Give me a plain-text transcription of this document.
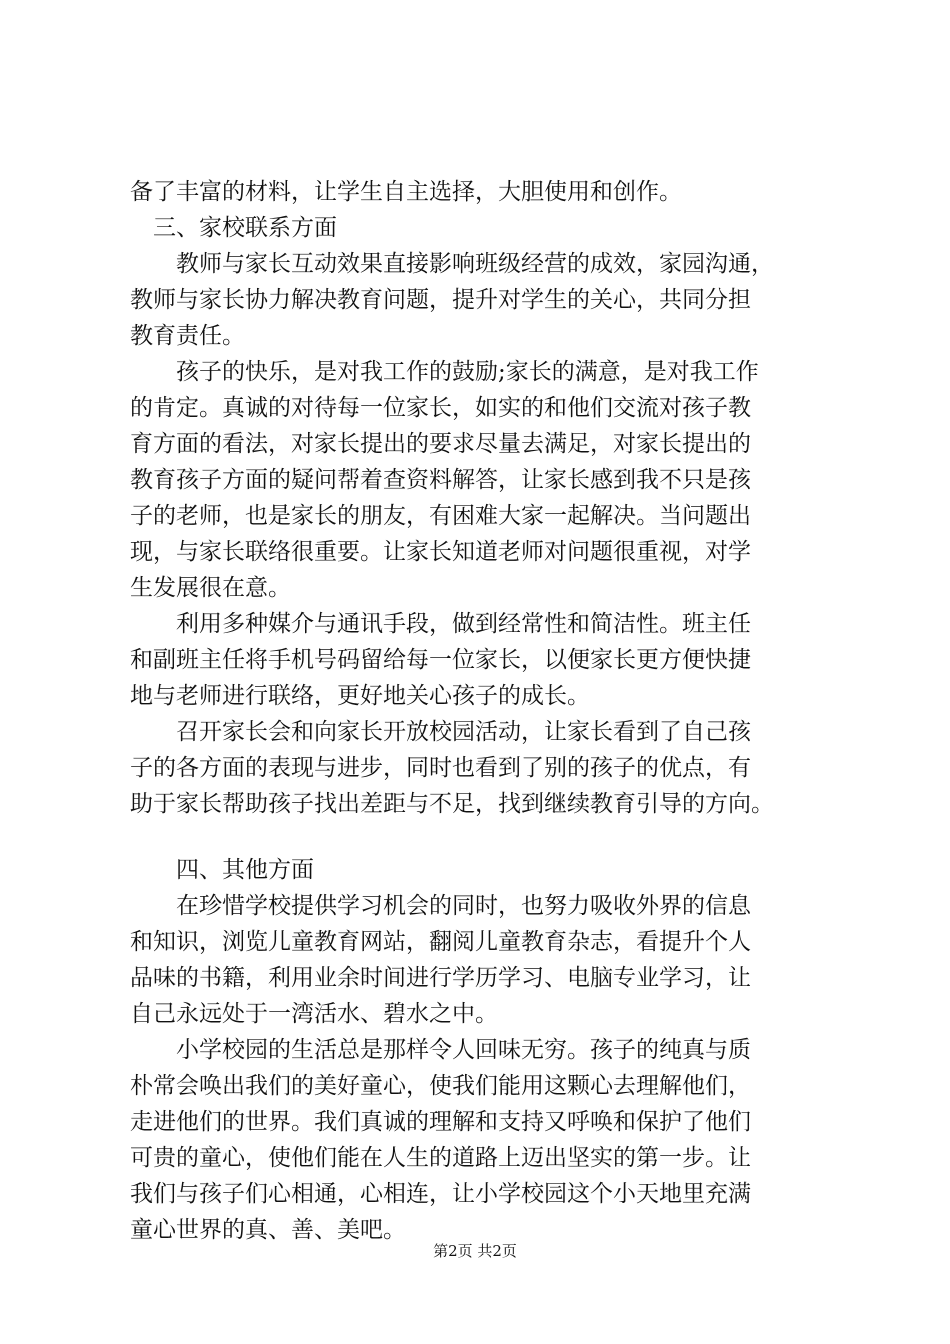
备了丰富的材料，让学生自主选择，大胆使用和创作。
　三、家校联系方面
　　教师与家长互动效果直接影响班级经营的成效，家园沟通，
教师与家长协力解决教育问题，提升对学生的关心，共同分担
教育责任。
　　孩子的快乐，是对我工作的鼓励;家长的满意，是对我工作
的肯定。真诚的对待每一位家长，如实的和他们交流对孩子教
育方面的看法，对家长提出的要求尽量去满足，对家长提出的
教育孩子方面的疑问帮着查资料解答，让家长感到我不只是孩
子的老师，也是家长的朋友，有困难大家一起解决。当问题出
现，与家长联络很重要。让家长知道老师对问题很重视，对学
生发展很在意。
　　利用多种媒介与通讯手段，做到经常性和简洁性。班主任
和副班主任将手机号码留给每一位家长，以便家长更方便快捷
地与老师进行联络，更好地关心孩子的成长。
　　召开家长会和向家长开放校园活动，让家长看到了自己孩
子的各方面的表现与进步，同时也看到了别的孩子的优点，有
助于家长帮助孩子找出差距与不足，找到继续教育引导的方向。
　　四、其他方面
　　在珍惜学校提供学习机会的同时，也努力吸收外界的信息
和知识，浏览儿童教育网站，翻阅儿童教育杂志，看提升个人
品味的书籍，利用业余时间进行学历学习、电脑专业学习，让
自己永远处于一湾活水、碧水之中。
　　小学校园的生活总是那样令人回味无穷。孩子的纯真与质
朴常会唤出我们的美好童心，使我们能用这颗心去理解他们，
走进他们的世界。我们真诚的理解和支持又呼唤和保护了他们
可贵的童心，使他们能在人生的道路上迈出坚实的第一步。让
我们与孩子们心相通，心相连，让小学校园这个小天地里充满
童心世界的真、善、美吧。
第2页 共2页
